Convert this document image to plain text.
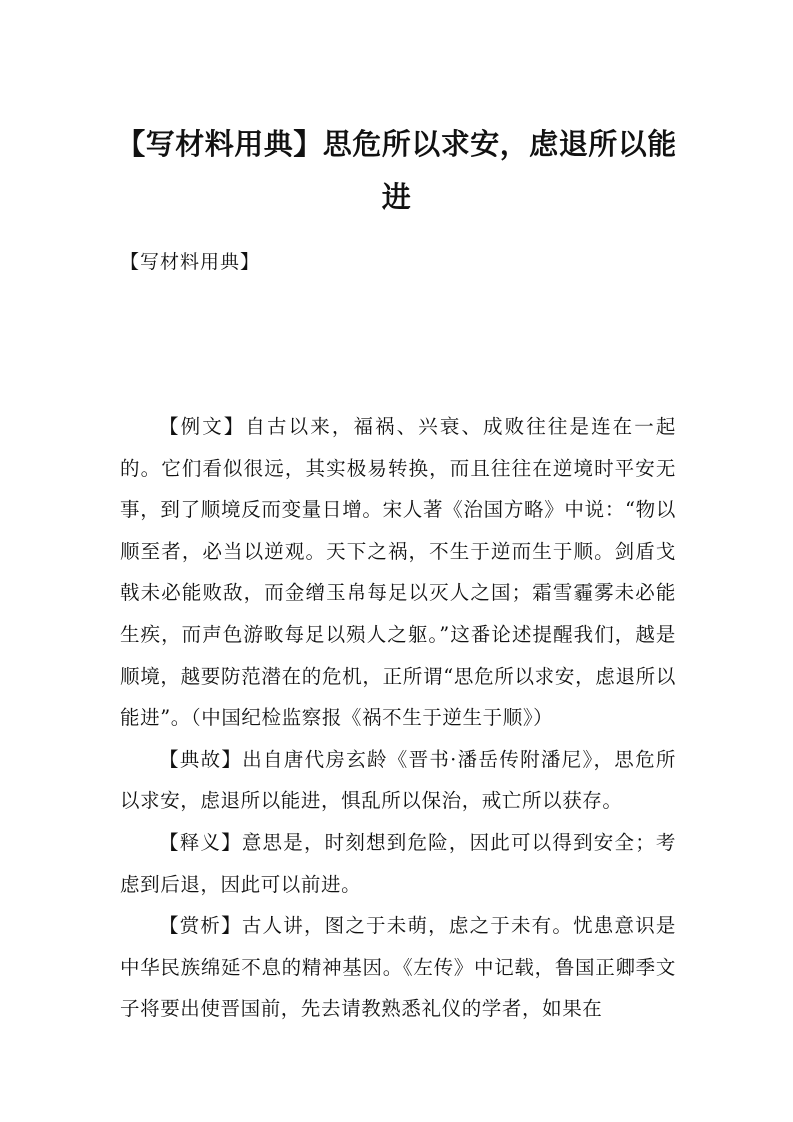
【写材料用典】思危所以求安，虑退所以能进

【写材料用典】

【例文】自古以来，福祸、兴衰、成败往往是连在一起的。它们看似很远，其实极易转换，而且往往在逆境时平安无事，到了顺境反而变量日增。宋人著《治国方略》中说：“物以顺至者，必当以逆观。天下之祸，不生于逆而生于顺。剑盾戈戟未必能败敌，而金缯玉帛每足以灭人之国；霜雪霾雾未必能生疾，而声色游畋每足以殒人之躯。”这番论述提醒我们，越是顺境，越要防范潜在的危机，正所谓“思危所以求安，虑退所以能进”。（中国纪检监察报《祸不生于逆生于顺》）

【典故】出自唐代房玄龄《晋书·潘岳传附潘尼》，思危所以求安，虑退所以能进，惧乱所以保治，戒亡所以获存。

【释义】意思是，时刻想到危险，因此可以得到安全；考虑到后退，因此可以前进。

【赏析】古人讲，图之于未萌，虑之于未有。忧患意识是中华民族绵延不息的精神基因。《左传》中记载，鲁国正卿季文子将要出使晋国前，先去请教熟悉礼仪的学者，如果在
